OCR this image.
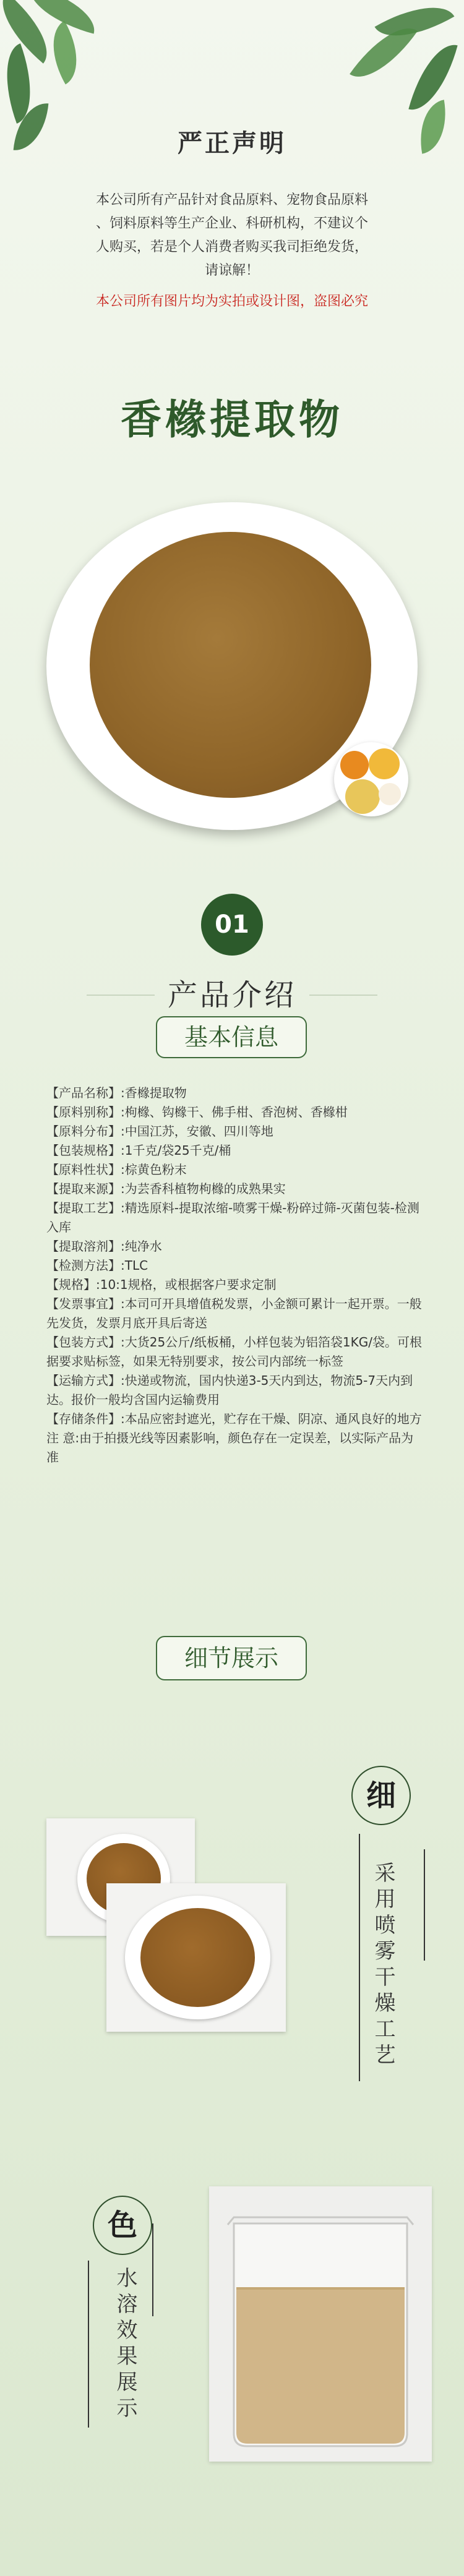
严正声明
本公司所有产品针对食品原料、宠物食品原料
、饲料原料等生产企业、科研机构，不建议个
人购买，若是个人消费者购买我司拒绝发货，
请谅解！
本公司所有图片均为实拍或设计图，盗图必究
香橼提取物
01
产品介绍
基本信息
【产品名称】:香橼提取物
【原料别称】:枸橼、钩橼干、佛手柑、香泡树、香橼柑
【原料分布】:中国江苏，安徽、四川等地
【包装规格】:1千克/袋25千克/桶
【原料性状】:棕黄色粉末
【提取来源】:为芸香科植物枸橼的成熟果实
【提取工艺】:精选原料-提取浓缩-喷雾干燥-粉碎过筛-灭菌包装-检测入库
【提取溶剂】:纯净水
【检测方法】:TLC
【规格】:10:1规格，或根据客户要求定制
【发票事宜】:本司可开具增值税发票，小金额可累计一起开票。一般先发货，发票月底开具后寄送
【包装方式】:大货25公斤/纸板桶，小样包装为铝箔袋1KG/袋。可根据要求贴标签，如果无特别要求，按公司内部统一标签
【运输方式】:快递或物流，国内快递3-5天内到达，物流5-7天内到达。报价一般均含国内运输费用
【存储条件】:本品应密封遮光，贮存在干燥、阴凉、通风良好的地方
注 意:由于拍摄光线等因素影响，颜色存在一定误差，以实际产品为准
细节展示
细
采用喷雾干燥工艺
色
水溶效果展示
